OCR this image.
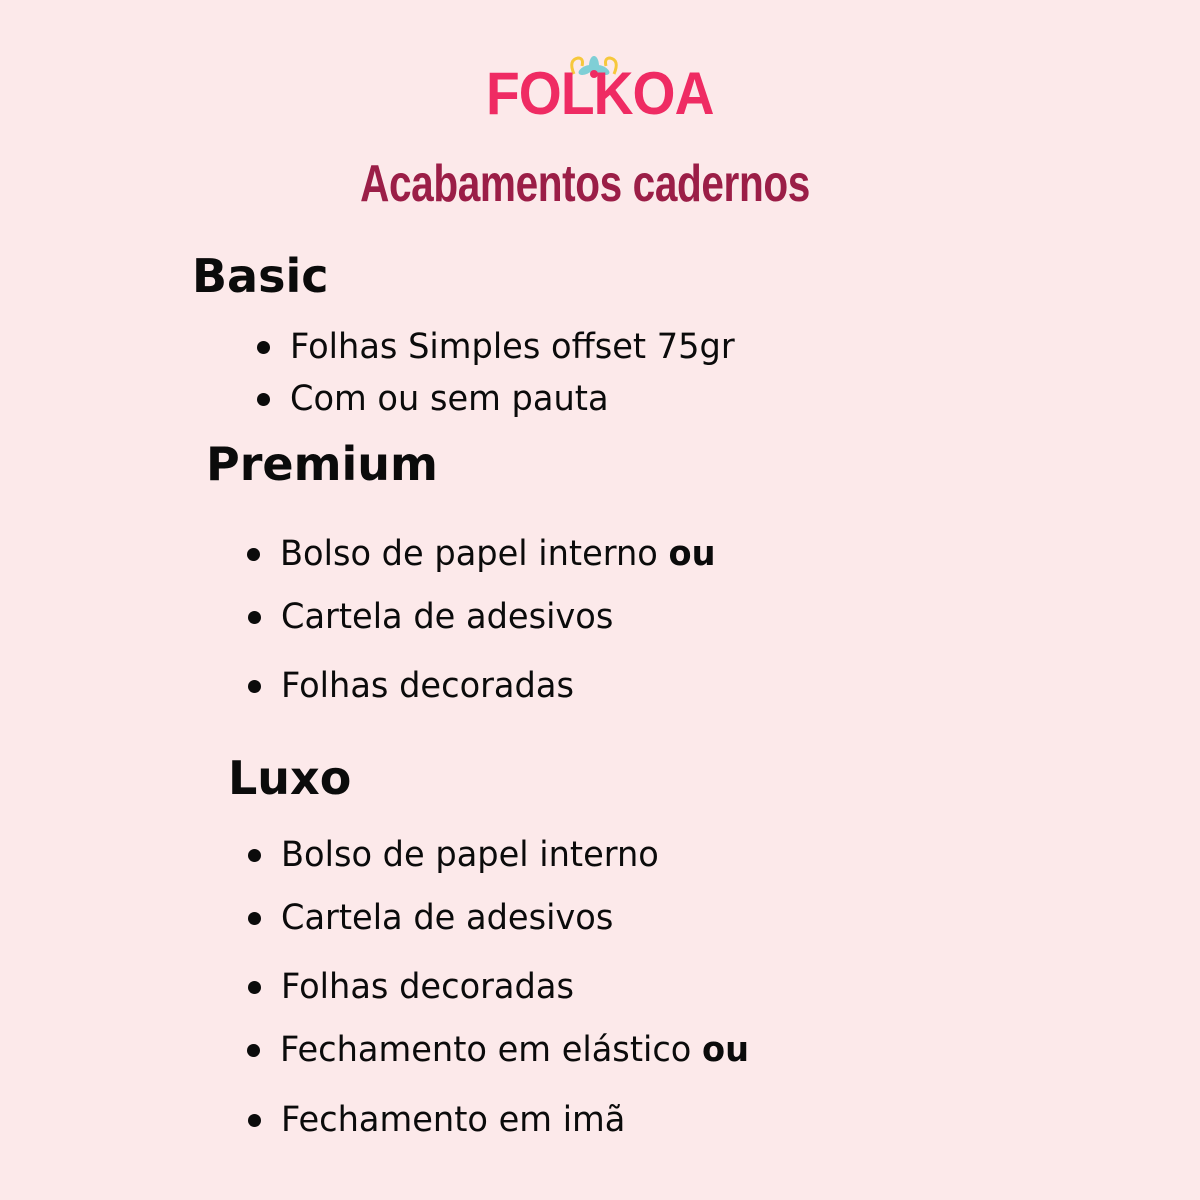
FOLKOA
Acabamentos cadernos
Basic
Folhas Simples offset 75gr
Com ou sem pauta
Premium
Bolso de papel interno ou
Cartela de adesivos
Folhas decoradas
Luxo
Bolso de papel interno
Cartela de adesivos
Folhas decoradas
Fechamento em elástico ou
Fechamento em imã
